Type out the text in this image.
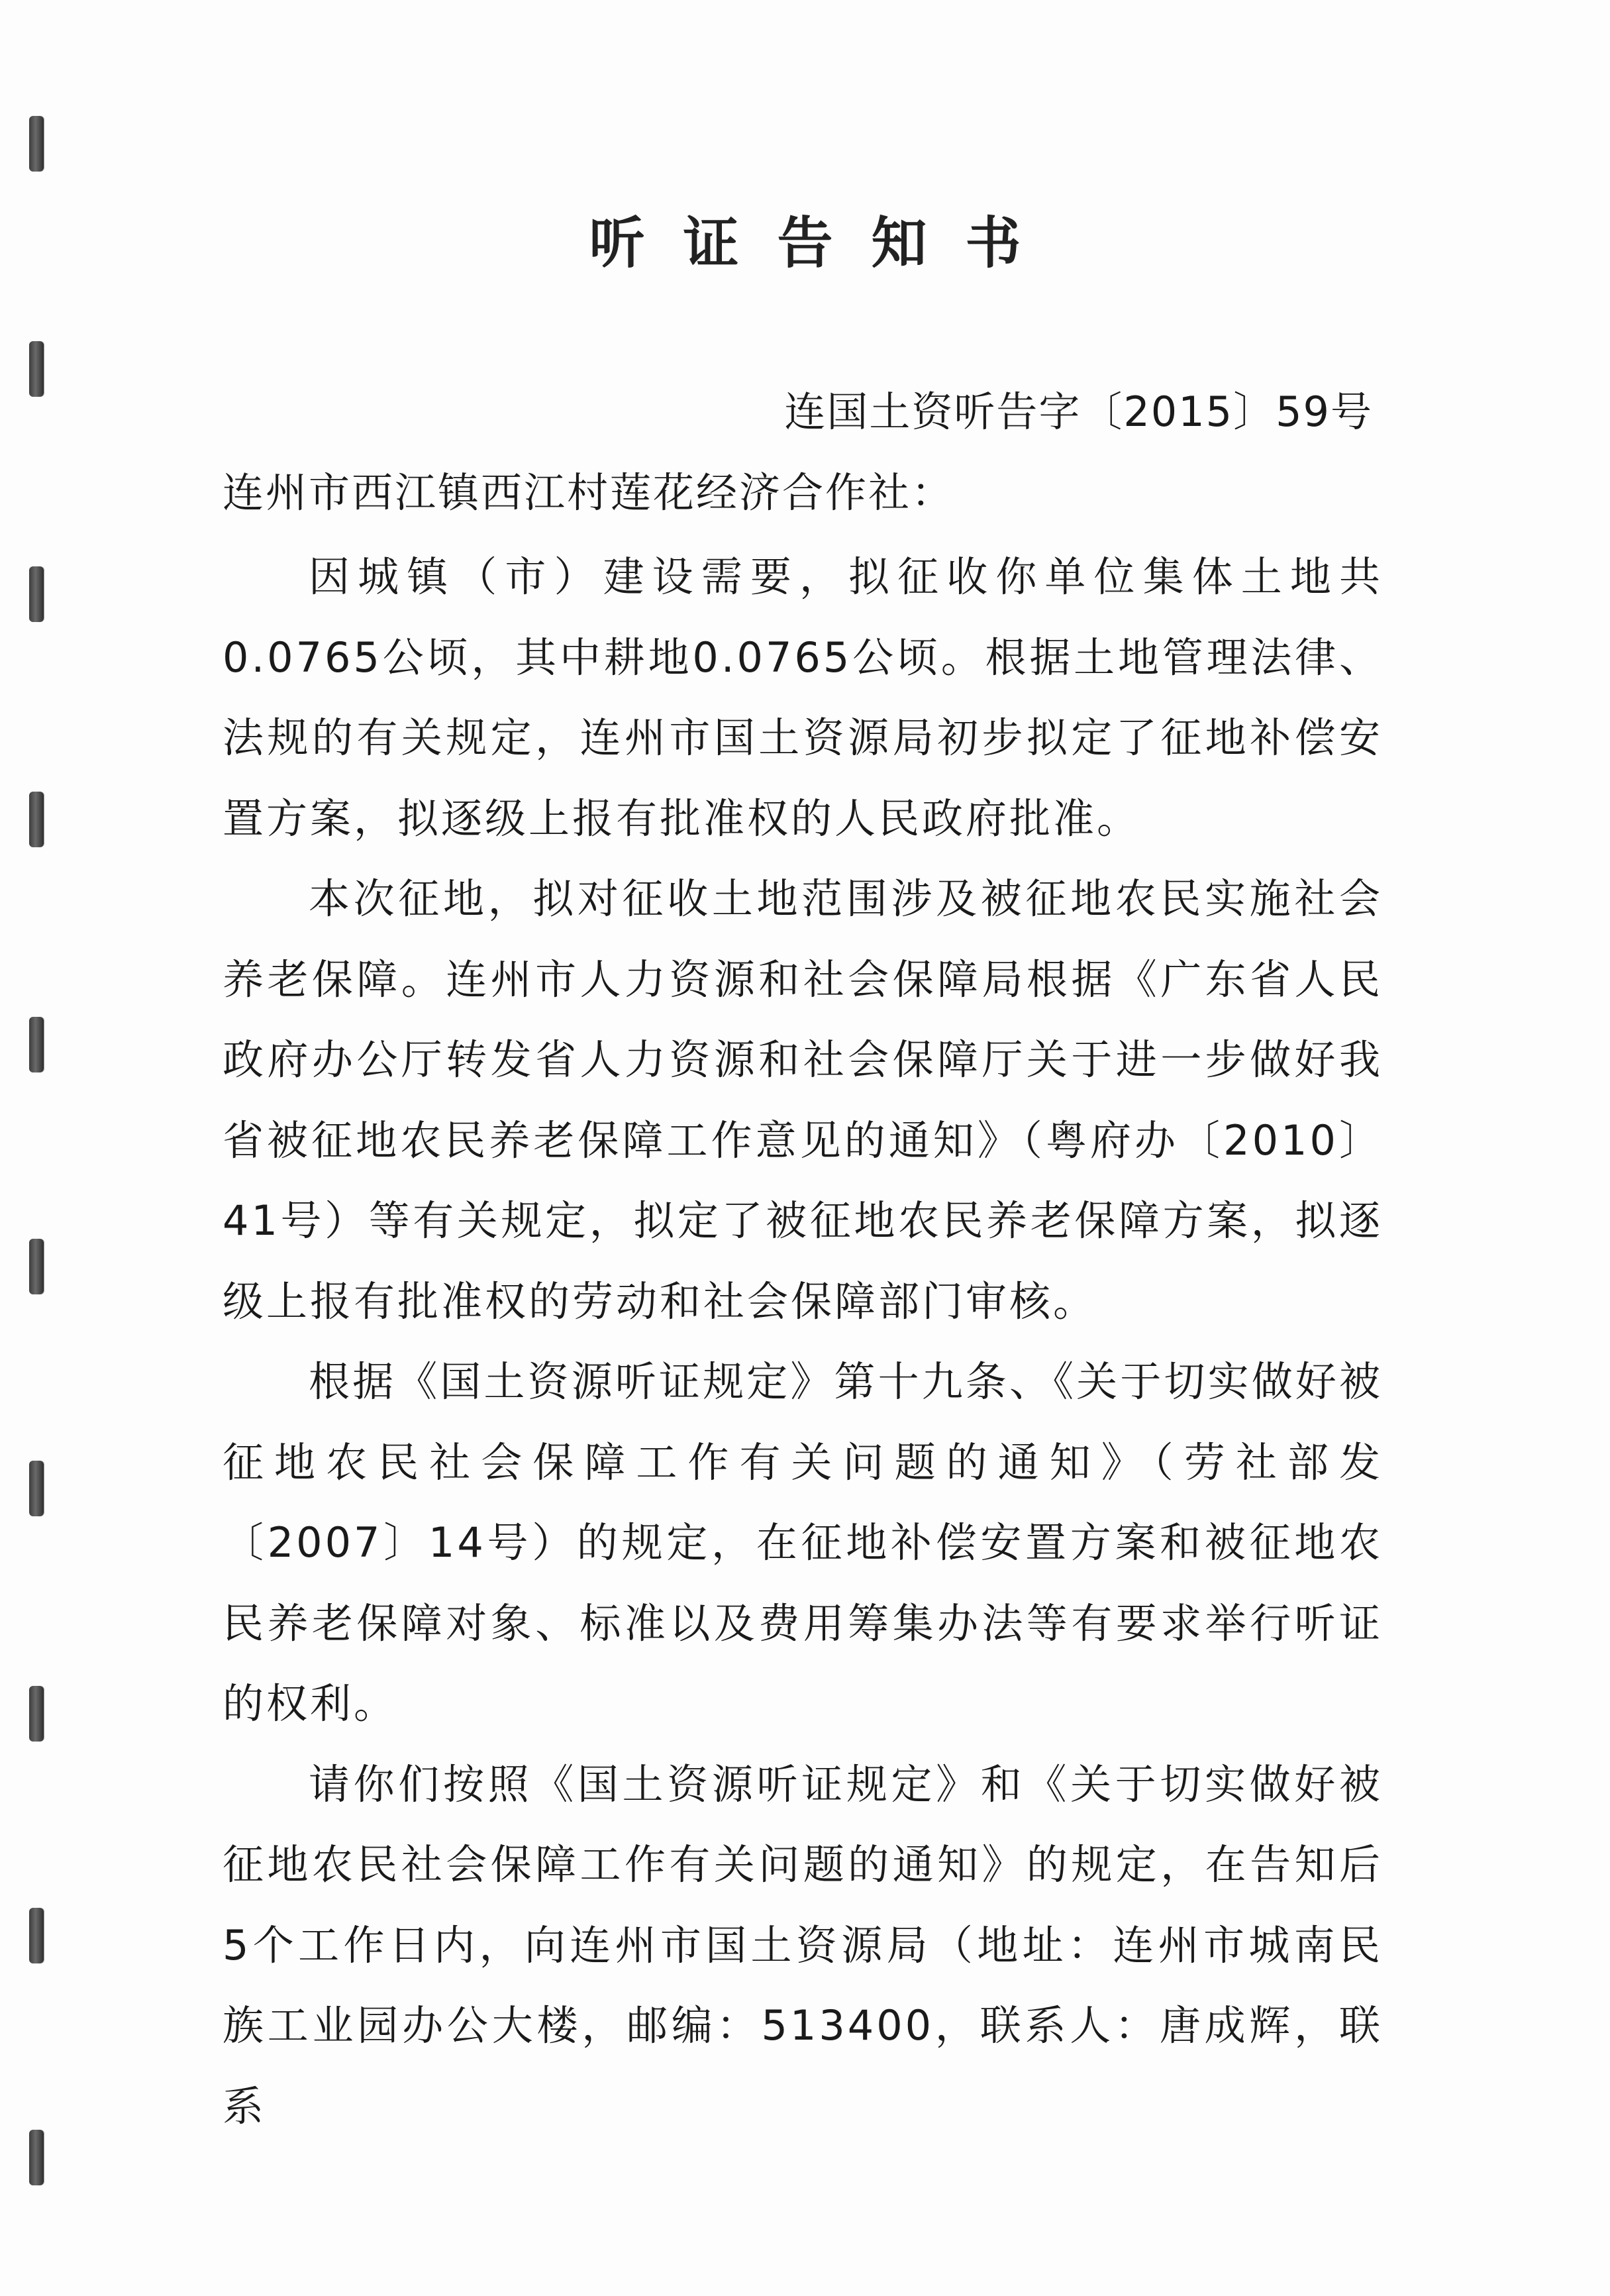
听证告知书
连国土资听告字〔2015〕59号
连州市西江镇西江村莲花经济合作社：

因城镇（市）建设需要，拟征收你单位集体土地共0.0765公顷，其中耕地0.0765公顷。根据土地管理法律、法规的有关规定，连州市国土资源局初步拟定了征地补偿安置方案，拟逐级上报有批准权的人民政府批准。

本次征地，拟对征收土地范围涉及被征地农民实施社会养老保障。连州市人力资源和社会保障局根据《广东省人民政府办公厅转发省人力资源和社会保障厅关于进一步做好我省被征地农民养老保障工作意见的通知》（粤府办〔2010〕41号）等有关规定，拟定了被征地农民养老保障方案，拟逐级上报有批准权的劳动和社会保障部门审核。

根据《国土资源听证规定》第十九条、《关于切实做好被征地农民社会保障工作有关问题的通知》（劳社部发〔2007〕14号）的规定，在征地补偿安置方案和被征地农民养老保障对象、标准以及费用筹集办法等有要求举行听证的权利。

请你们按照《国土资源听证规定》和《关于切实做好被征地农民社会保障工作有关问题的通知》的规定，在告知后5个工作日内，向连州市国土资源局（地址：连州市城南民族工业园办公大楼，邮编：513400，联系人：唐成辉，联系
